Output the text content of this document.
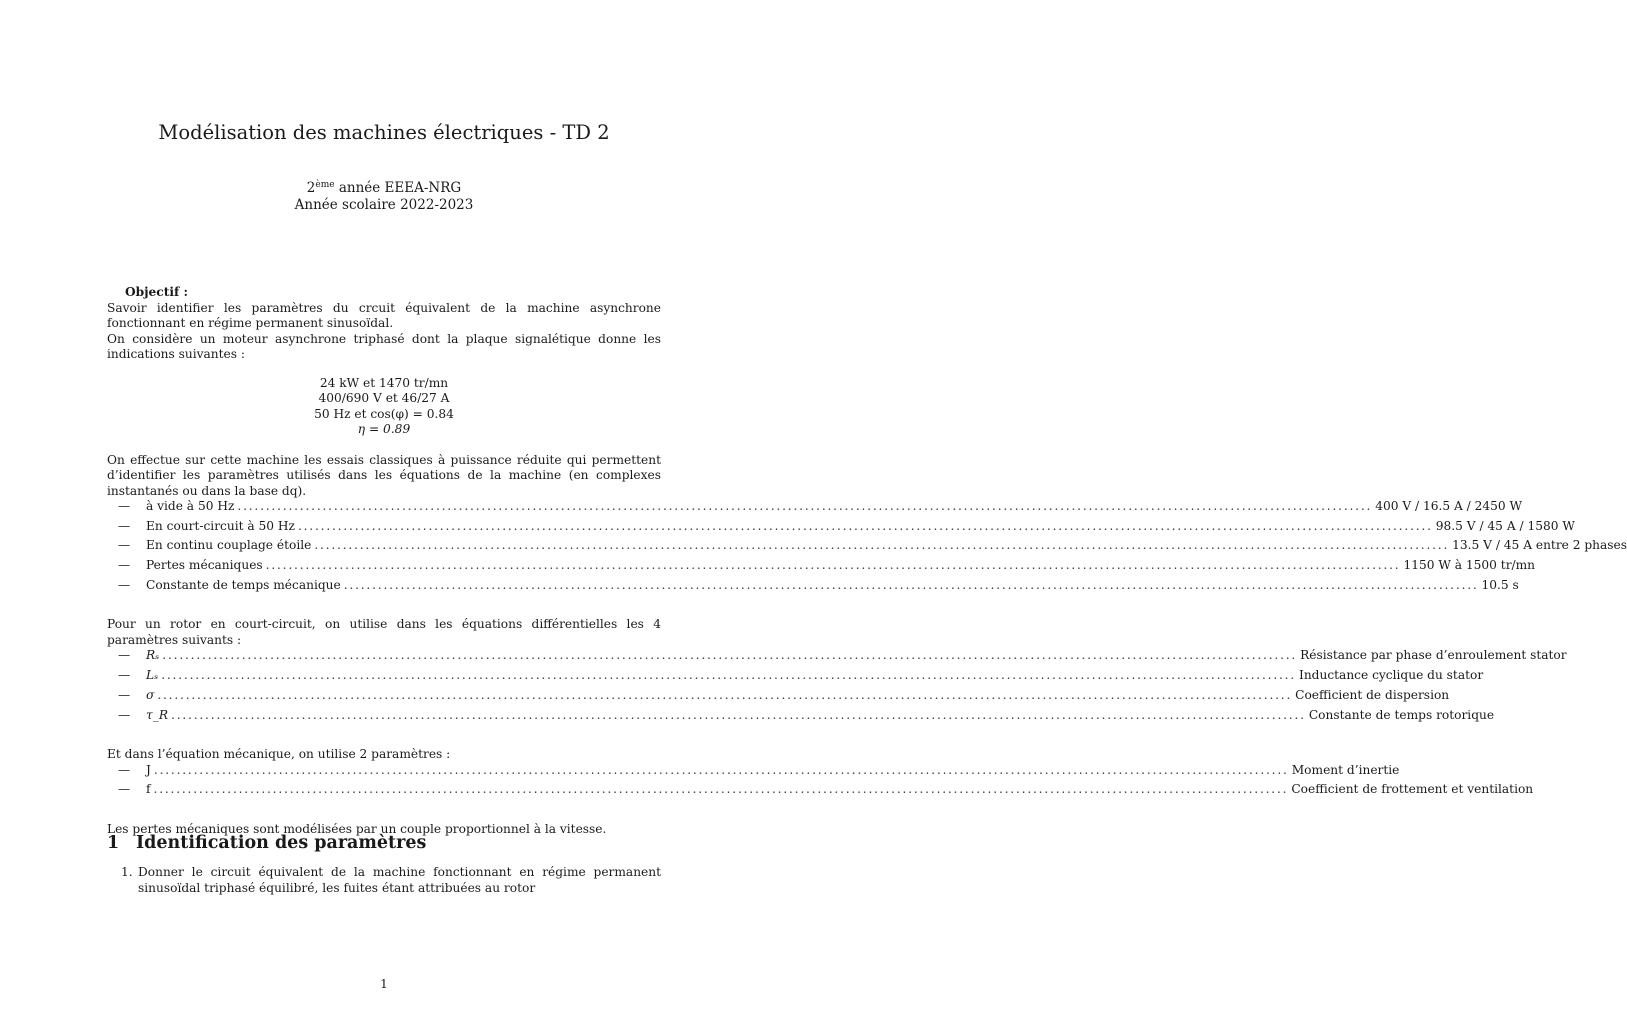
Modélisation des machines électriques - TD 2
2ème année EEEA-NRG
Année scolaire 2022-2023
Objectif :

Savoir identifier les paramètres du crcuit équivalent de la machine asynchrone fonctionnant en régime permanent sinusoïdal.

On considère un moteur asynchrone triphasé dont la plaque signalétique donne les indications suivantes :

24 kW et 1470 tr/mn
400/690 V et 46/27 A
50 Hz et cos(φ) = 0.84
η = 0.89

On effectue sur cette machine les essais classiques à puissance réduite qui permettent d’identifier les paramètres utilisés dans les équations de la machine (en complexes instantanés ou dans la base dq).

—	à vide à 50 Hz ........................................................................................................................................................................................................ 400 V / 16.5 A / 2450 W
—	En court-circuit à 50 Hz ........................................................................................................................................................................................................ 98.5 V / 45 A / 1580 W
—	En continu couplage étoile ........................................................................................................................................................................................................ 13.5 V / 45 A entre 2 phases
—	Pertes mécaniques ........................................................................................................................................................................................................ 1150 W à 1500 tr/mn
—	Constante de temps mécanique ........................................................................................................................................................................................................ 10.5 s

Pour un rotor en court-circuit, on utilise dans les équations différentielles les 4 paramètres suivants :

—	Rₛ ........................................................................................................................................................................................................ Résistance par phase d’enroulement stator
—	Lₛ ........................................................................................................................................................................................................ Inductance cyclique du stator
—	σ ........................................................................................................................................................................................................ Coefficient de dispersion
—	τ_R ........................................................................................................................................................................................................ Constante de temps rotorique

Et dans l’équation mécanique, on utilise 2 paramètres :

—	J ........................................................................................................................................................................................................ Moment d’inertie
—	f ........................................................................................................................................................................................................ Coefficient de frottement et ventilation

Les pertes mécaniques sont modélisées par un couple proportionnel à la vitesse.

1 Identification des paramètres
1. Donner le circuit équivalent de la machine fonctionnant en régime permanent sinusoïdal triphasé équilibré, les fuites étant attribuées au rotor
1
